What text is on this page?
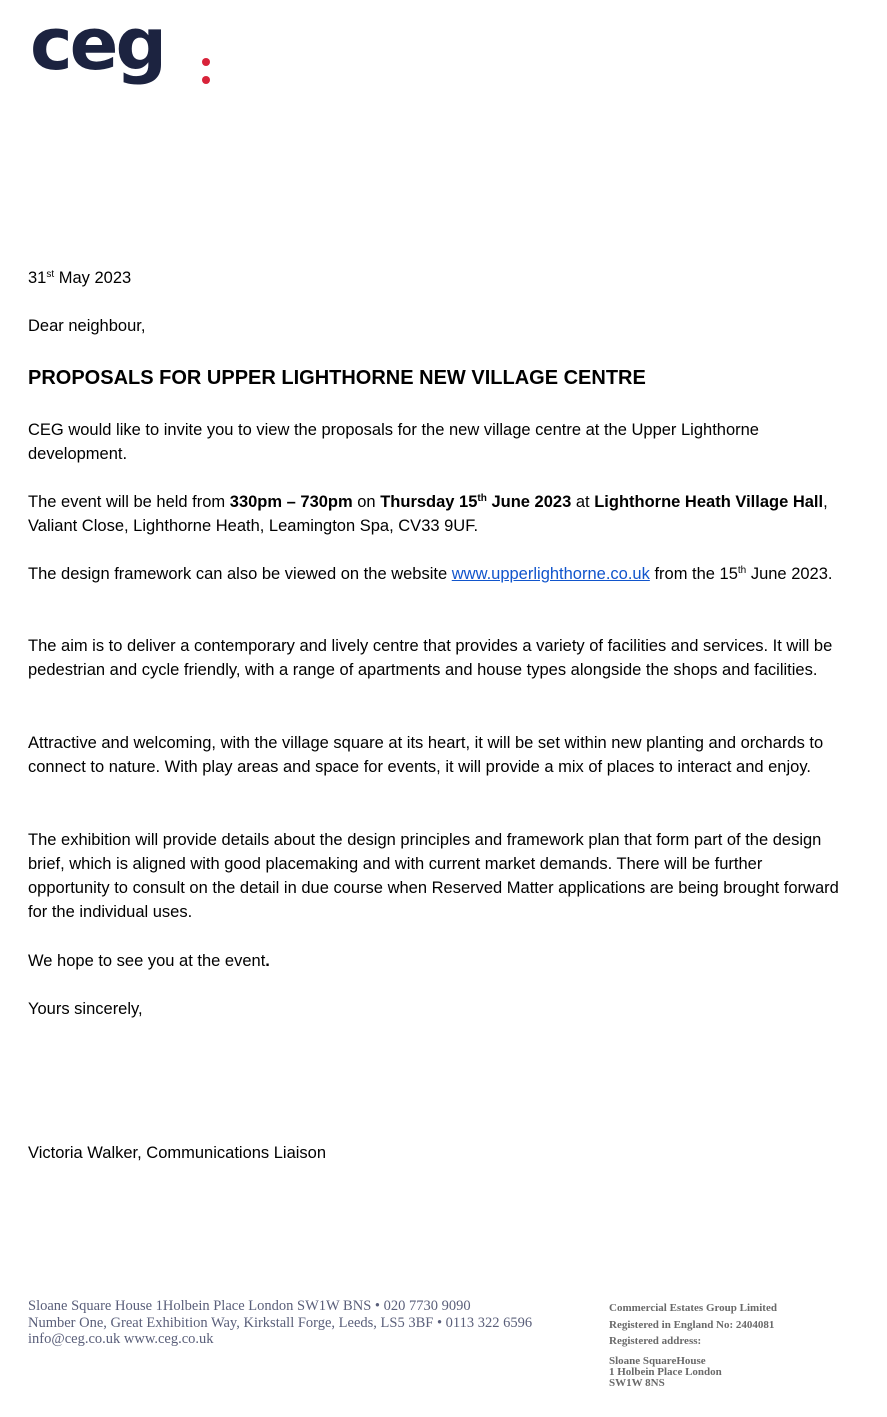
ceg
31st May 2023
Dear neighbour,
PROPOSALS FOR UPPER LIGHTHORNE NEW VILLAGE CENTRE
CEG would like to invite you to view the proposals for the new village centre at the Upper Lighthorne development.
The event will be held from 330pm – 730pm on Thursday 15th June 2023 at Lighthorne Heath Village Hall, Valiant Close, Lighthorne Heath, Leamington Spa, CV33 9UF.
The design framework can also be viewed on the website www.upperlighthorne.co.uk from the 15th June 2023.
The aim is to deliver a contemporary and lively centre that provides a variety of facilities and services. It will be pedestrian and cycle friendly, with a range of apartments and house types alongside the shops and facilities.
Attractive and welcoming, with the village square at its heart, it will be set within new planting and orchards to connect to nature. With play areas and space for events, it will provide a mix of places to interact and enjoy.
The exhibition will provide details about the design principles and framework plan that form part of the design brief, which is aligned with good placemaking and with current market demands. There will be further opportunity to consult on the detail in due course when Reserved Matter applications are being brought forward for the individual uses.
We hope to see you at the event.
Yours sincerely,
Victoria Walker, Communications Liaison
Sloane Square House 1Holbein Place London SW1W BNS • 020 7730 9090
Number One, Great Exhibition Way, Kirkstall Forge, Leeds, LS5 3BF • 0113 322 6596
info@ceg.co.uk www.ceg.co.uk
Commercial Estates Group Limited
Registered in England No: 2404081
Registered address:
Sloane SquareHouse
1 Holbein Place London
SW1W 8NS
